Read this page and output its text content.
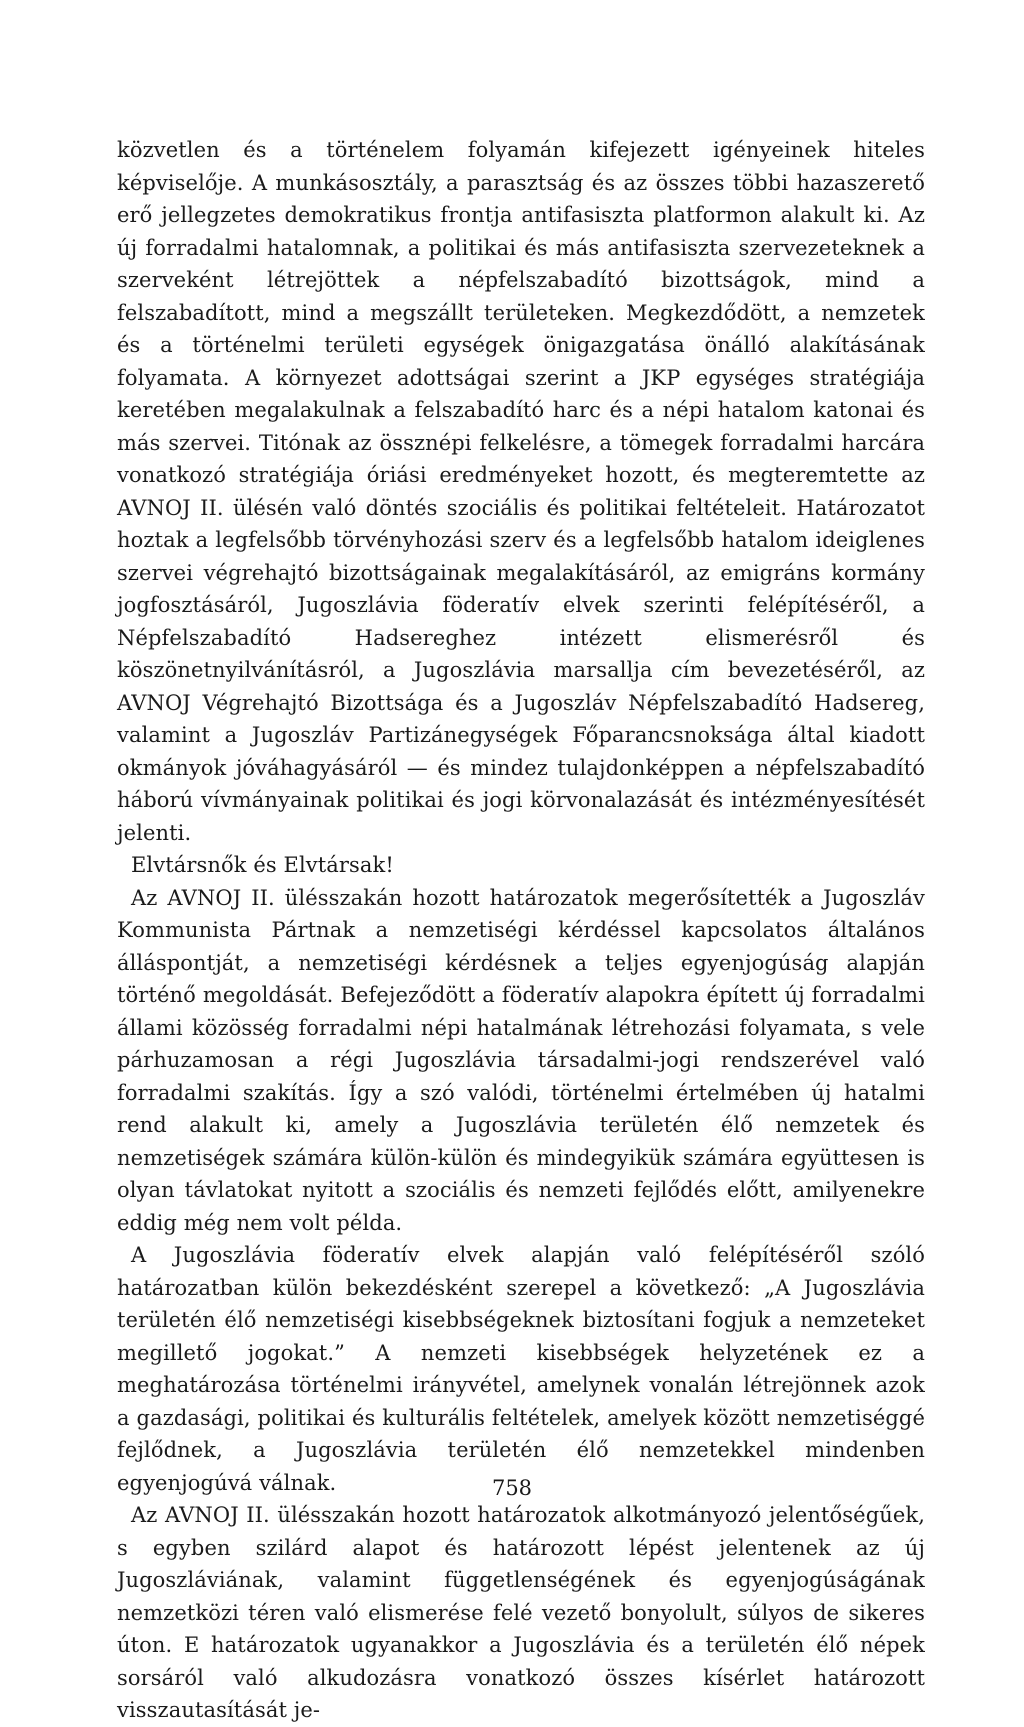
közvetlen és a történelem folyamán kifejezett igényeinek hiteles képviselője. A munkásosztály, a parasztság és az összes többi hazaszerető erő jellegzetes demokratikus frontja antifasiszta platformon alakult ki. Az új forradalmi hatalomnak, a politikai és más antifasiszta szervezeteknek a szerveként létrejöttek a népfelszabadító bizottságok, mind a felszabadított, mind a megszállt területeken. Megkezdődött, a nemzetek és a történelmi területi egységek önigazgatása önálló alakításának folyamata. A környezet adottságai szerint a JKP egységes stratégiája keretében megalakulnak a felszabadító harc és a népi hatalom katonai és más szervei. Titónak az össznépi felkelésre, a tömegek forradalmi harcára vonatkozó stratégiája óriási eredményeket hozott, és megteremtette az AVNOJ II. ülésén való döntés szociális és politikai feltételeit. Határozatot hoztak a legfelsőbb törvényhozási szerv és a legfelsőbb hatalom ideiglenes szervei végrehajtó bizottságainak megalakításáról, az emigráns kormány jogfosztásáról, Jugoszlávia föderatív elvek szerinti felépítéséről, a Népfelszabadító Hadsereghez intézett elismerésről és köszönetnyilvánításról, a Jugoszlávia marsallja cím bevezetéséről, az AVNOJ Végrehajtó Bizottsága és a Jugoszláv Népfelszabadító Hadsereg, valamint a Jugoszláv Partizánegységek Főparancsnoksága által kiadott okmányok jóváhagyásáról — és mindez tulajdonképpen a népfelszabadító háború vívmányainak politikai és jogi körvonalazását és intézményesítését jelenti.

Elvtársnők és Elvtársak!

Az AVNOJ II. ülésszakán hozott határozatok megerősítették a Jugoszláv Kommunista Pártnak a nemzetiségi kérdéssel kapcsolatos általános álláspontját, a nemzetiségi kérdésnek a teljes egyenjogúság alapján történő megoldását. Befejeződött a föderatív alapokra épített új forradalmi állami közösség forradalmi népi hatalmának létrehozási folyamata, s vele párhuzamosan a régi Jugoszlávia társadalmi-jogi rendszerével való forradalmi szakítás. Így a szó valódi, történelmi értelmében új hatalmi rend alakult ki, amely a Jugoszlávia területén élő nemzetek és nemzetiségek számára külön-külön és mindegyikük számára együttesen is olyan távlatokat nyitott a szociális és nemzeti fejlődés előtt, amilyenekre eddig még nem volt példa.

A Jugoszlávia föderatív elvek alapján való felépítéséről szóló határozatban külön bekezdésként szerepel a következő: „A Jugoszlávia területén élő nemzetiségi kisebbségeknek biztosítani fogjuk a nemzeteket megillető jogokat.” A nemzeti kisebbségek helyzetének ez a meghatározása történelmi irányvétel, amelynek vonalán létrejönnek azok a gazdasági, politikai és kulturális feltételek, amelyek között nemzetiséggé fejlődnek, a Jugoszlávia területén élő nemzetekkel mindenben egyenjogúvá válnak.

Az AVNOJ II. ülésszakán hozott határozatok alkotmányozó jelentőségűek, s egyben szilárd alapot és határozott lépést jelentenek az új Jugoszláviának, valamint függetlenségének és egyenjogúságának nemzetközi téren való elismerése felé vezető bonyolult, súlyos de sikeres úton. E határozatok ugyanakkor a Jugoszlávia és a területén élő népek sorsáról való alkudozásra vonatkozó összes kísérlet határozott visszautasítását je-

758
